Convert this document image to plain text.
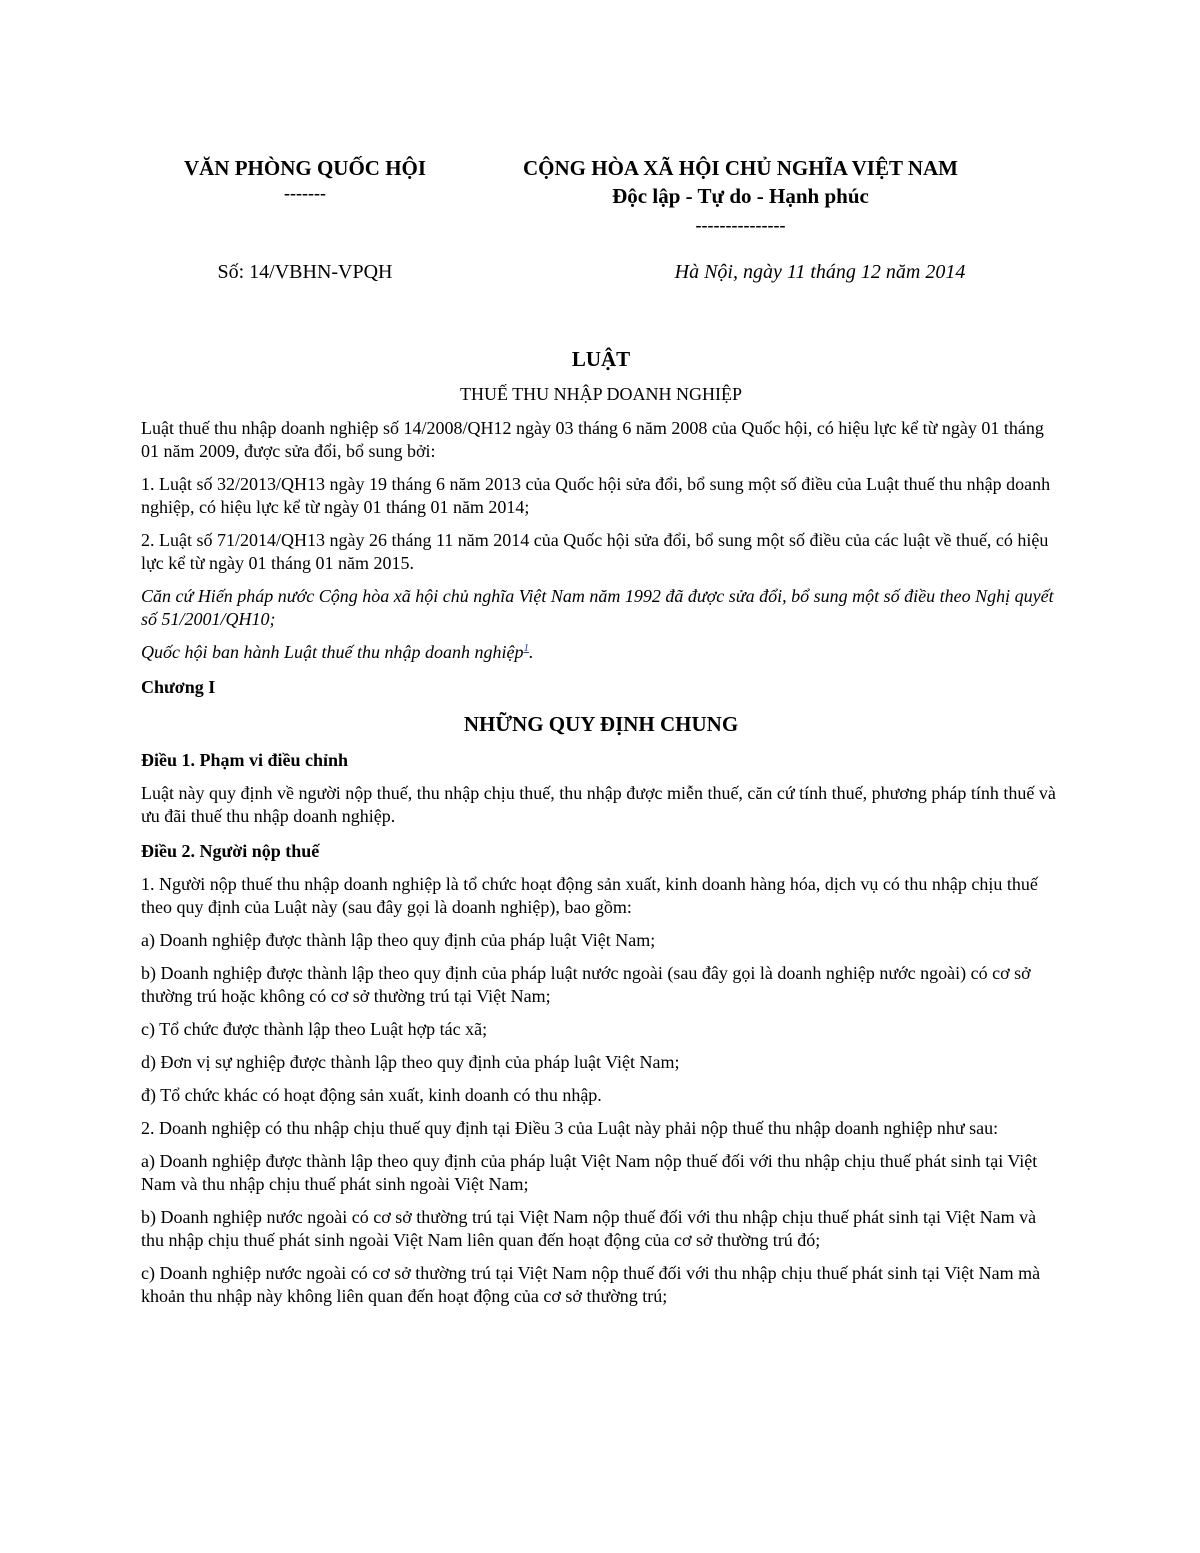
VĂN PHÒNG QUỐC HỘI
-------
CỘNG HÒA XÃ HỘI CHỦ NGHĨA VIỆT NAM
Độc lập - Tự do - Hạnh phúc
---------------
Số: 14/VBHN-VPQH	Hà Nội, ngày 11 tháng 12 năm 2014

LUẬT

THUẾ THU NHẬP DOANH NGHIỆP

Luật thuế thu nhập doanh nghiệp số 14/2008/QH12 ngày 03 tháng 6 năm 2008 của Quốc hội, có hiệu lực kể từ ngày 01 tháng 01 năm 2009, được sửa đổi, bổ sung bởi:

1. Luật số 32/2013/QH13 ngày 19 tháng 6 năm 2013 của Quốc hội sửa đổi, bổ sung một số điều của Luật thuế thu nhập doanh nghiệp, có hiệu lực kể từ ngày 01 tháng 01 năm 2014;

2. Luật số 71/2014/QH13 ngày 26 tháng 11 năm 2014 của Quốc hội sửa đổi, bổ sung một số điều của các luật về thuế, có hiệu lực kể từ ngày 01 tháng 01 năm 2015.

Căn cứ Hiến pháp nước Cộng hòa xã hội chủ nghĩa Việt Nam năm 1992 đã được sửa đổi, bổ sung một số điều theo Nghị quyết số 51/2001/QH10;

Quốc hội ban hành Luật thuế thu nhập doanh nghiệp$^1$.

Chương I

NHỮNG QUY ĐỊNH CHUNG

Điều 1. Phạm vi điều chỉnh

Luật này quy định về người nộp thuế, thu nhập chịu thuế, thu nhập được miễn thuế, căn cứ tính thuế, phương pháp tính thuế và ưu đãi thuế thu nhập doanh nghiệp.

Điều 2. Người nộp thuế

1. Người nộp thuế thu nhập doanh nghiệp là tổ chức hoạt động sản xuất, kinh doanh hàng hóa, dịch vụ có thu nhập chịu thuế theo quy định của Luật này (sau đây gọi là doanh nghiệp), bao gồm:

a) Doanh nghiệp được thành lập theo quy định của pháp luật Việt Nam;

b) Doanh nghiệp được thành lập theo quy định của pháp luật nước ngoài (sau đây gọi là doanh nghiệp nước ngoài) có cơ sở thường trú hoặc không có cơ sở thường trú tại Việt Nam;

c) Tổ chức được thành lập theo Luật hợp tác xã;

d) Đơn vị sự nghiệp được thành lập theo quy định của pháp luật Việt Nam;

đ) Tổ chức khác có hoạt động sản xuất, kinh doanh có thu nhập.

2. Doanh nghiệp có thu nhập chịu thuế quy định tại Điều 3 của Luật này phải nộp thuế thu nhập doanh nghiệp như sau:

a) Doanh nghiệp được thành lập theo quy định của pháp luật Việt Nam nộp thuế đối với thu nhập chịu thuế phát sinh tại Việt Nam và thu nhập chịu thuế phát sinh ngoài Việt Nam;

b) Doanh nghiệp nước ngoài có cơ sở thường trú tại Việt Nam nộp thuế đối với thu nhập chịu thuế phát sinh tại Việt Nam và thu nhập chịu thuế phát sinh ngoài Việt Nam liên quan đến hoạt động của cơ sở thường trú đó;

c) Doanh nghiệp nước ngoài có cơ sở thường trú tại Việt Nam nộp thuế đối với thu nhập chịu thuế phát sinh tại Việt Nam mà khoản thu nhập này không liên quan đến hoạt động của cơ sở thường trú;
